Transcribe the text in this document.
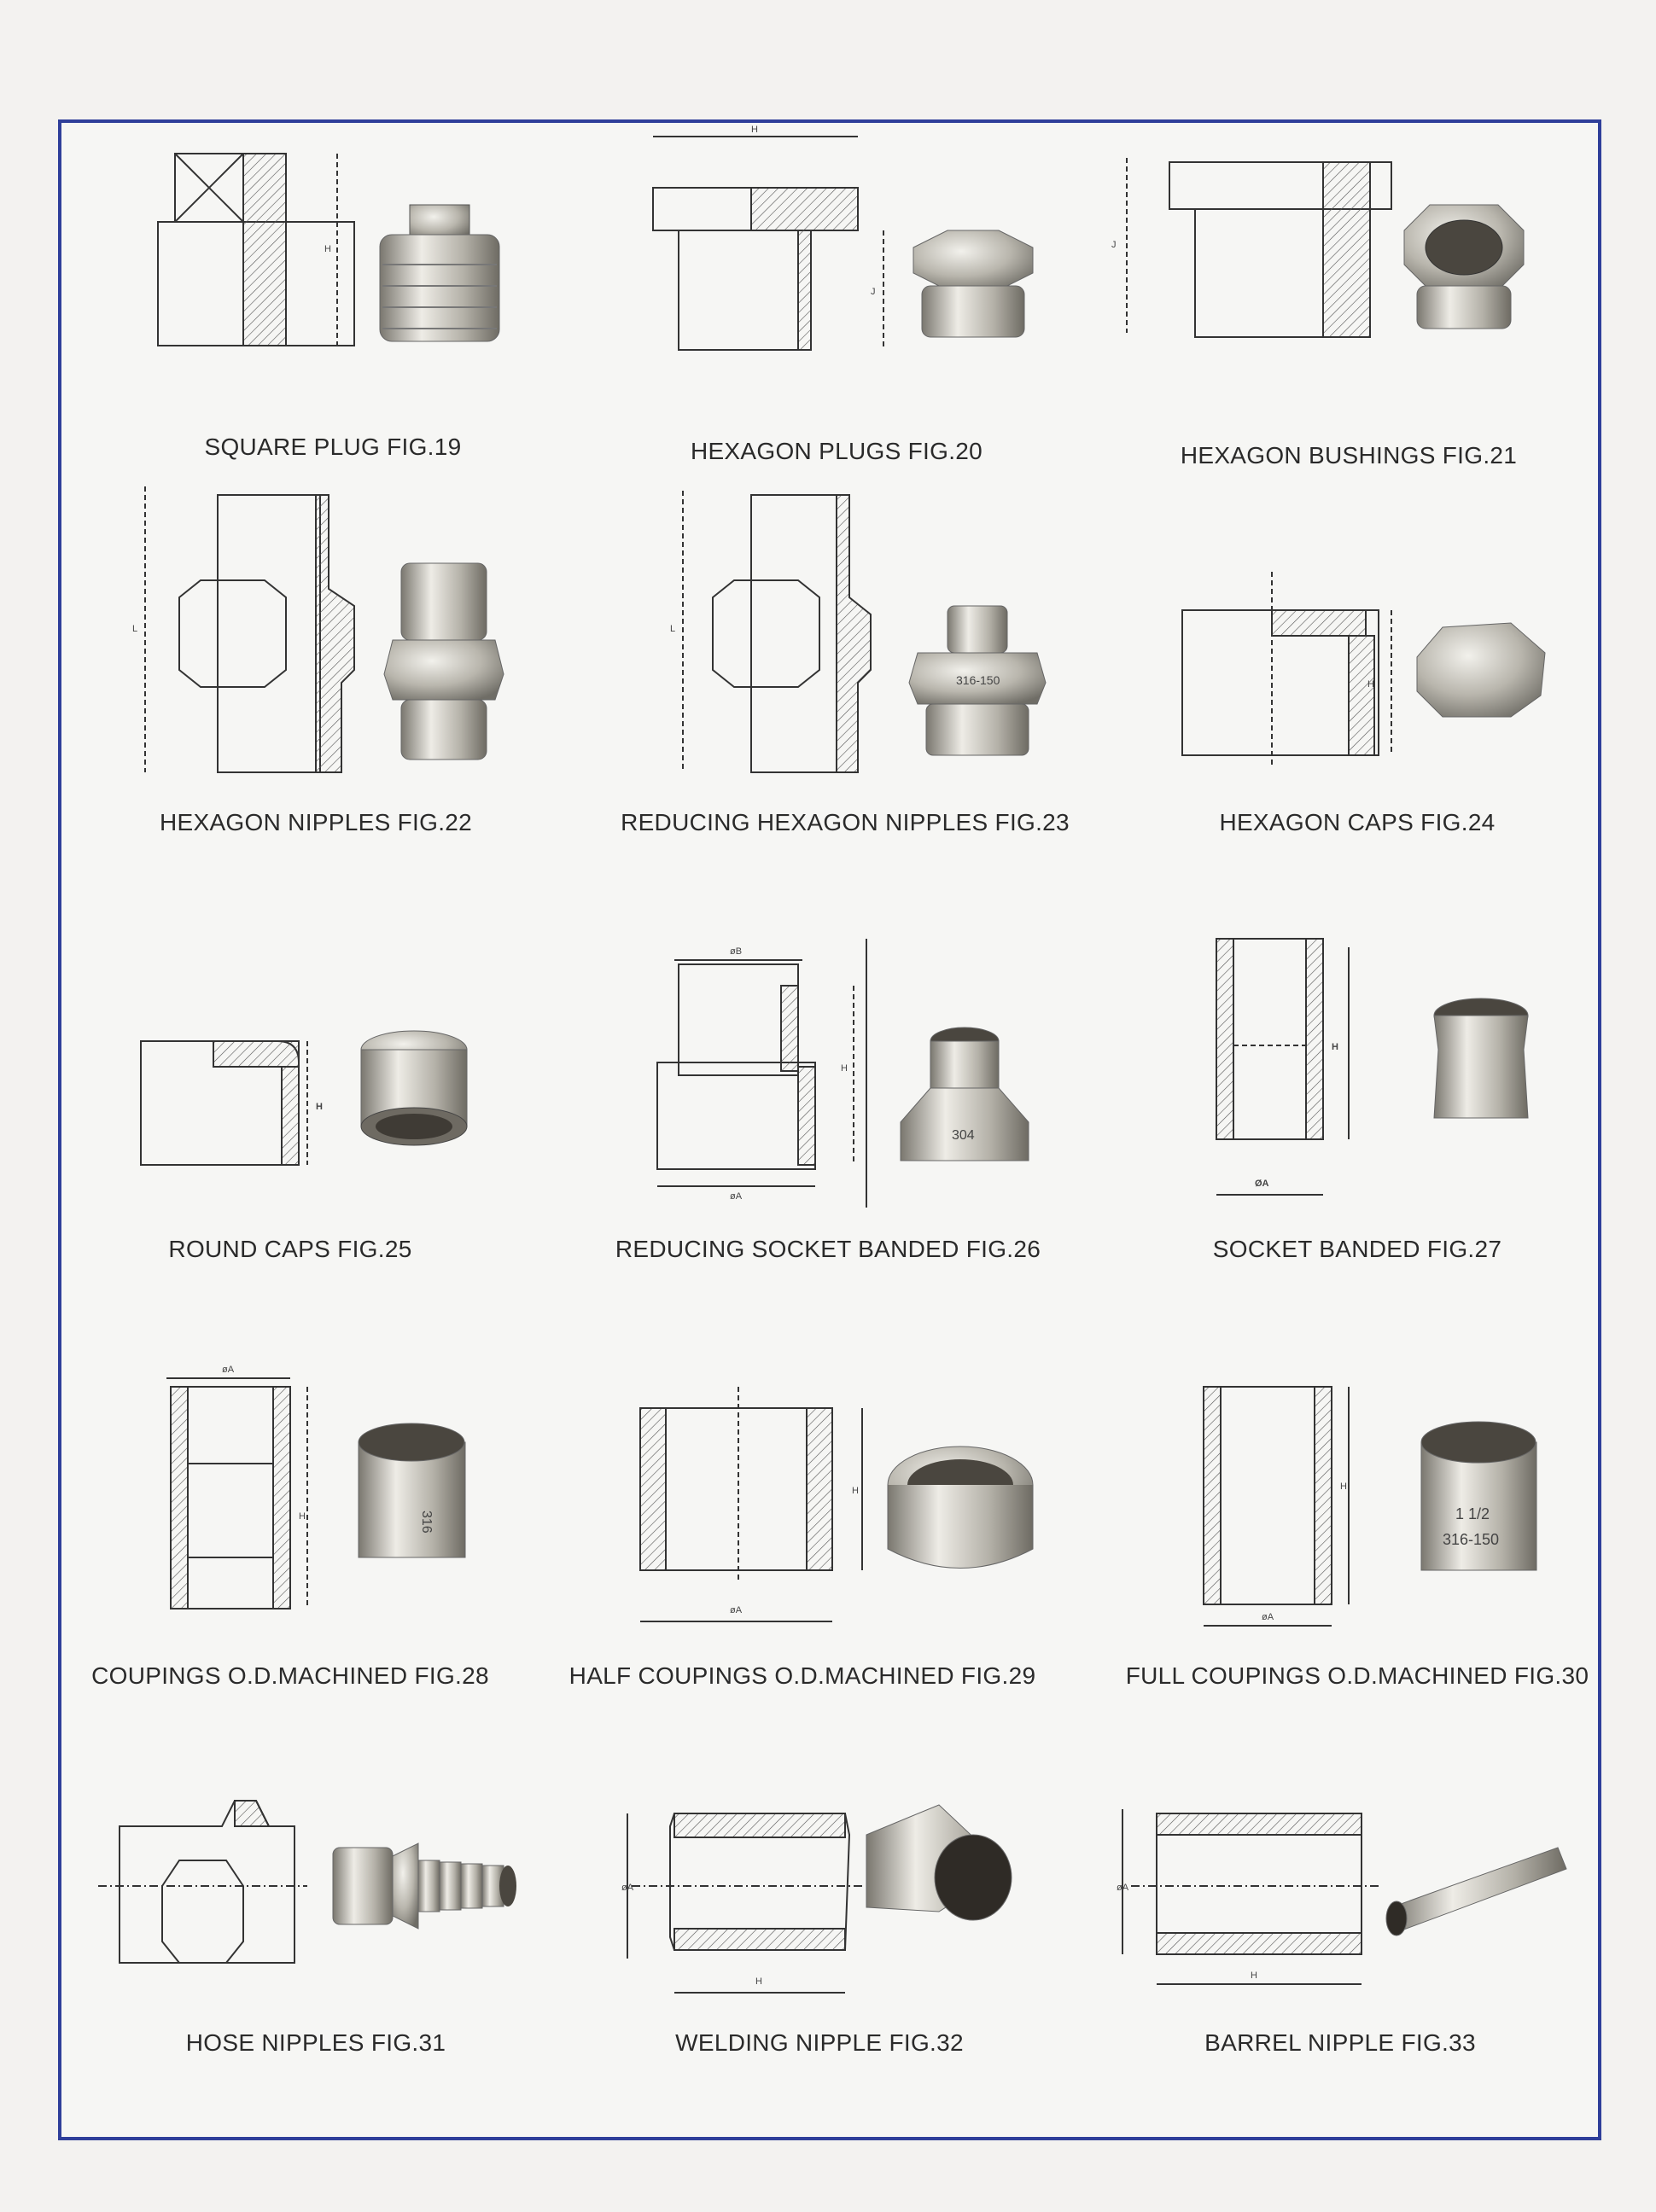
H
SQUARE PLUG FIG.19
H
J
HEXAGON PLUGS FIG.20
J
HEXAGON BUSHINGS FIG.21
L
HEXAGON NIPPLES FIG.22
L
316-150
REDUCING HEXAGON NIPPLES FIG.23
H
HEXAGON CAPS FIG.24
H
ROUND CAPS FIG.25
øB
H
øA
304
REDUCING SOCKET BANDED FIG.26
H
ØA
SOCKET BANDED FIG.27
øA
H	316
COUPINGS O.D.MACHINED FIG.28
H
øA
HALF COUPINGS O.D.MACHINED FIG.29
H
øA
1 1/2
316-150
FULL COUPINGS O.D.MACHINED FIG.30
HOSE NIPPLES FIG.31
øA
H
WELDING NIPPLE FIG.32
øA
H
BARREL NIPPLE FIG.33
